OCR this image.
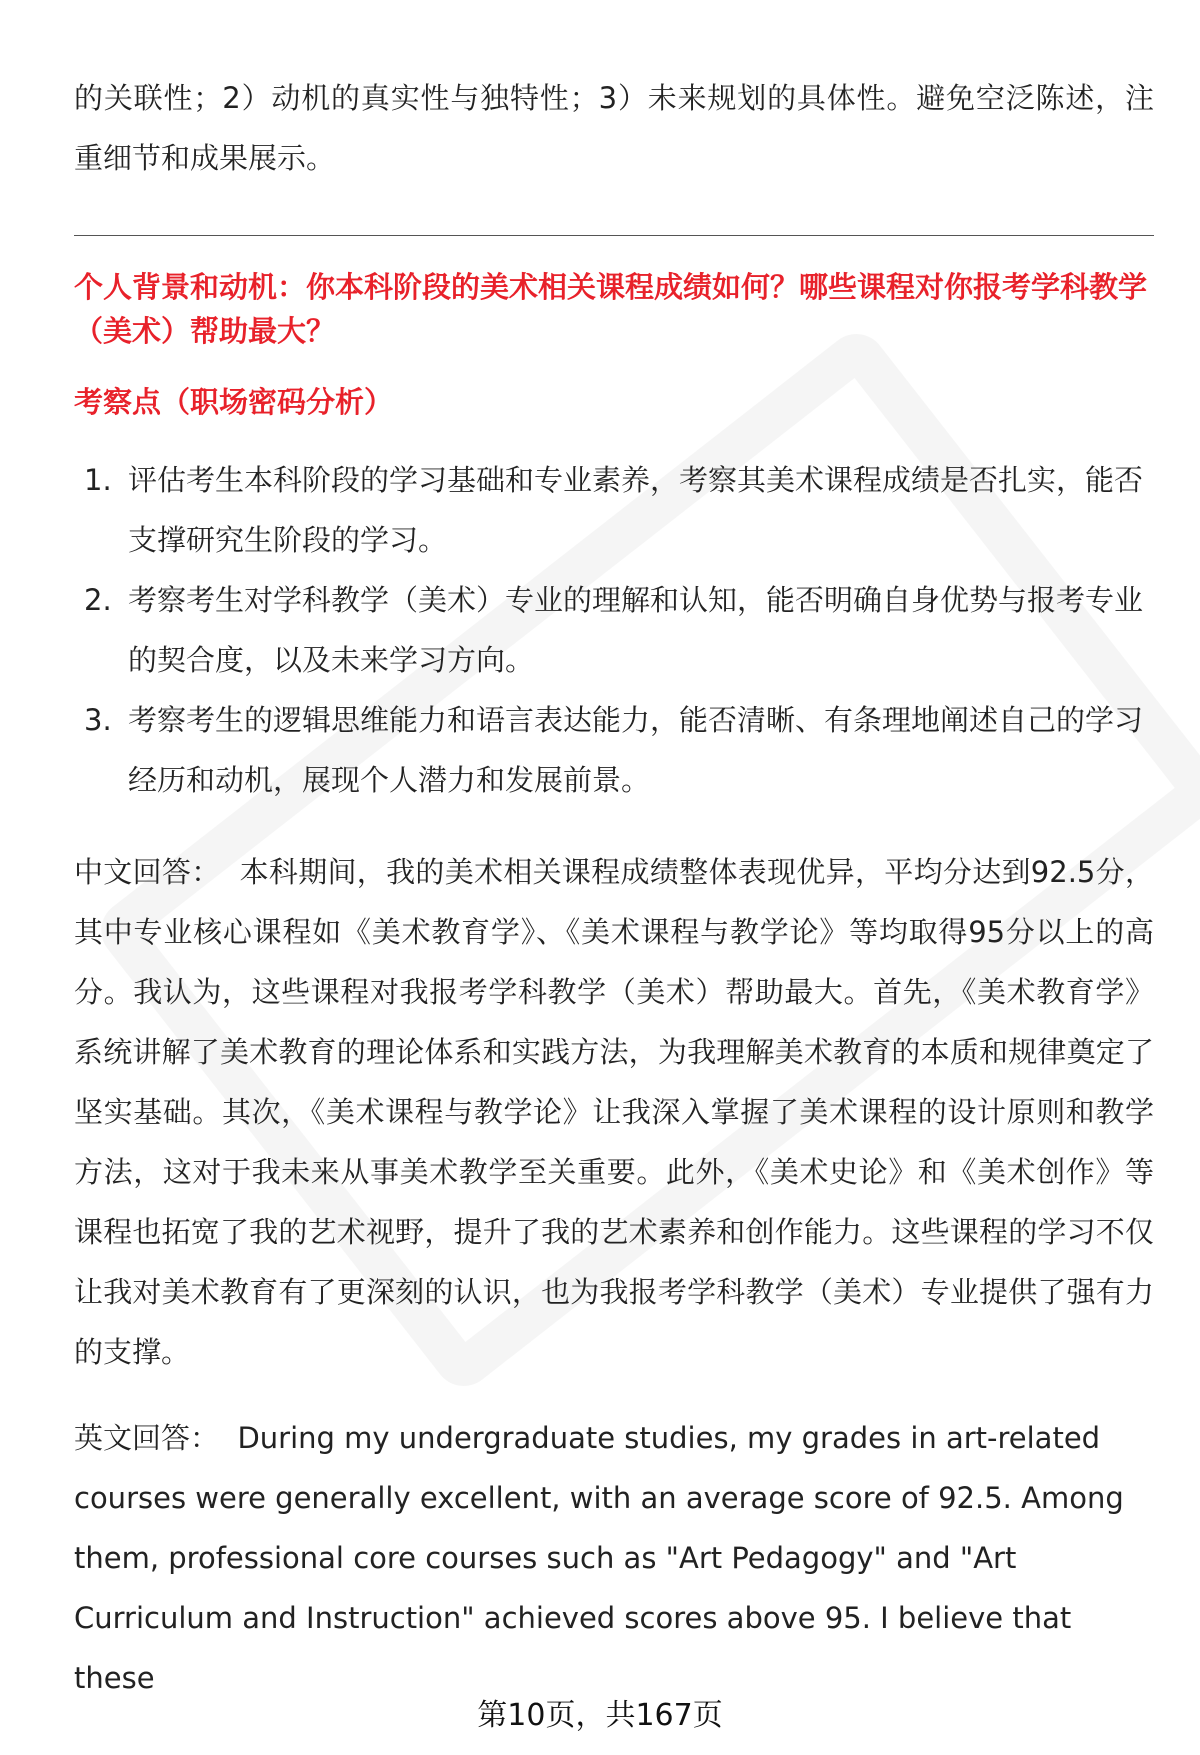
的关联性；2）动机的真实性与独特性；3）未来规划的具体性。避免空泛陈述，注重细节和成果展示。

个人背景和动机：你本科阶段的美术相关课程成绩如何？哪些课程对你报考学科教学（美术）帮助最大？

考察点（职场密码分析）

1. 评估考生本科阶段的学习基础和专业素养，考察其美术课程成绩是否扎实，能否支撑研究生阶段的学习。
2. 考察考生对学科教学（美术）专业的理解和认知，能否明确自身优势与报考专业的契合度，以及未来学习方向。
3. 考察考生的逻辑思维能力和语言表达能力，能否清晰、有条理地阐述自己的学习经历和动机，展现个人潜力和发展前景。

中文回答： 本科期间，我的美术相关课程成绩整体表现优异，平均分达到92.5分，其中专业核心课程如《美术教育学》、《美术课程与教学论》等均取得95分以上的高分。我认为，这些课程对我报考学科教学（美术）帮助最大。首先，《美术教育学》系统讲解了美术教育的理论体系和实践方法，为我理解美术教育的本质和规律奠定了坚实基础。其次，《美术课程与教学论》让我深入掌握了美术课程的设计原则和教学方法，这对于我未来从事美术教学至关重要。此外，《美术史论》和《美术创作》等课程也拓宽了我的艺术视野，提升了我的艺术素养和创作能力。这些课程的学习不仅让我对美术教育有了更深刻的认识，也为我报考学科教学（美术）专业提供了强有力的支撑。

英文回答： During my undergraduate studies, my grades in art-related courses were generally excellent, with an average score of 92.5. Among them, professional core courses such as "Art Pedagogy" and "Art Curriculum and Instruction" achieved scores above 95. I believe that these

第10页，共167页
